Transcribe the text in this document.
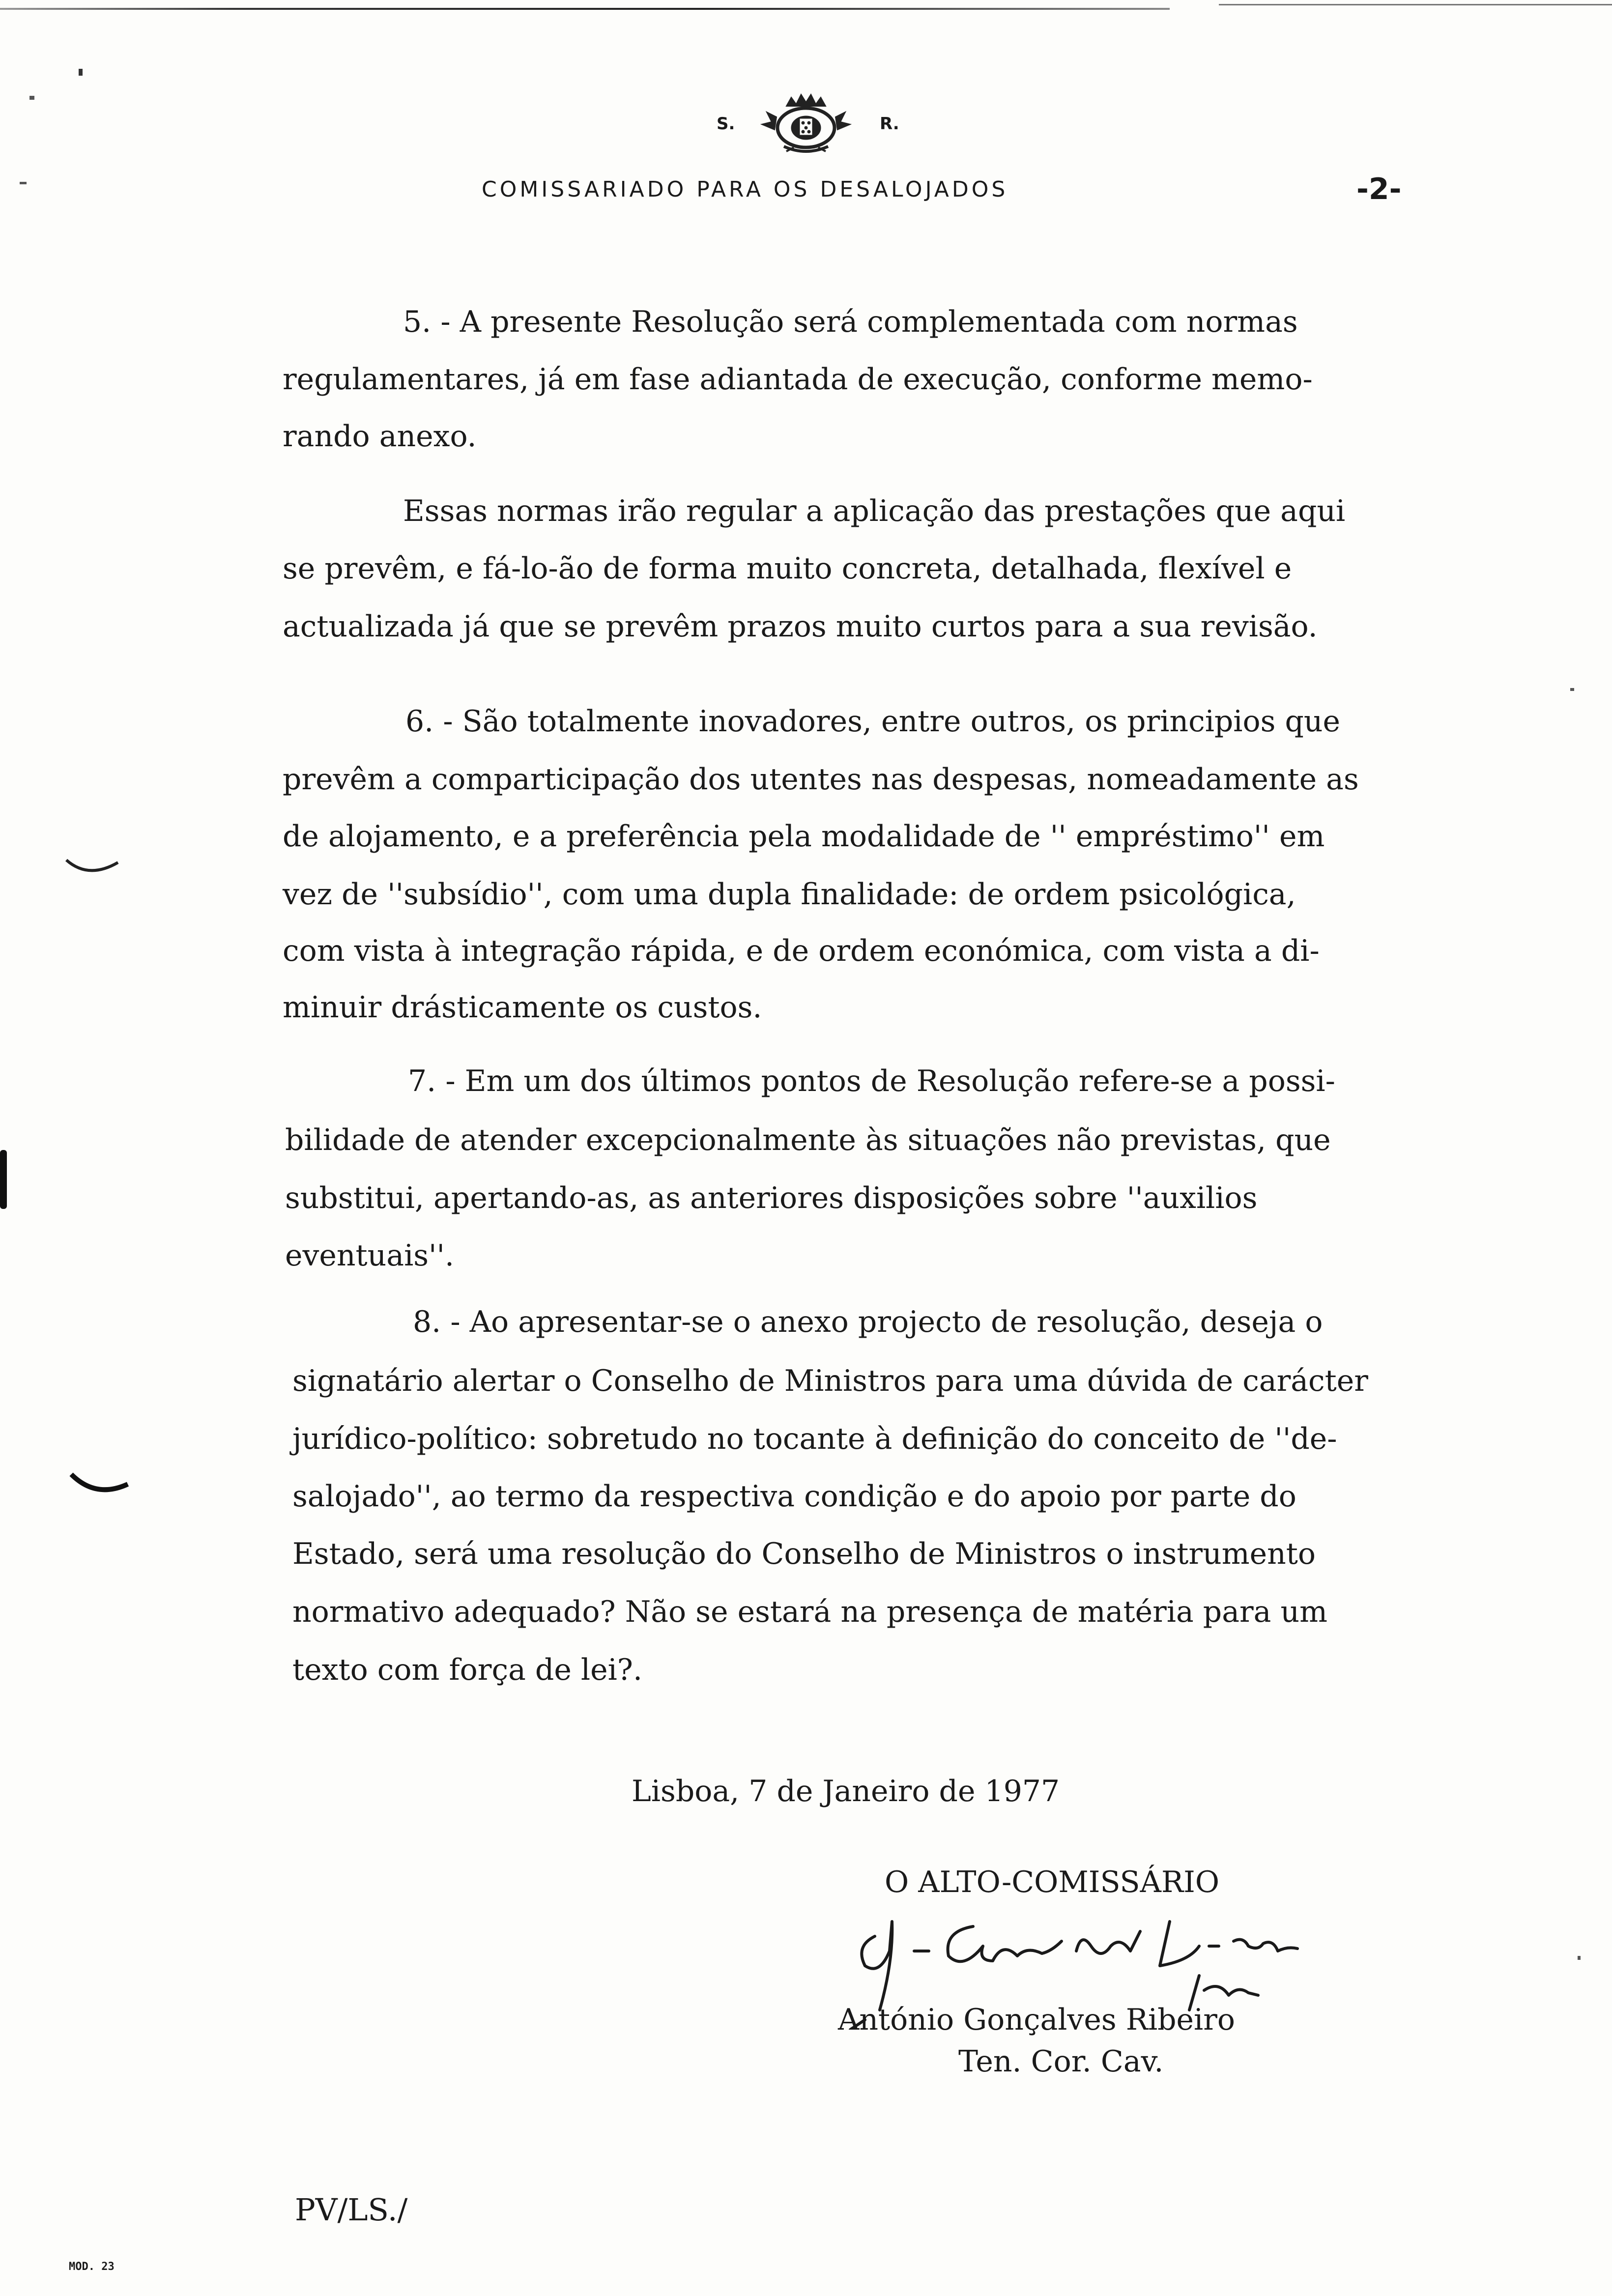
S.	R.
COMISSARIADO PARA OS DESALOJADOS	-2-
5. - A presente Resolução será complementada com normas
regulamentares, já em fase adiantada de execução, conforme memo-
rando anexo.
Essas normas irão regular a aplicação das prestações que aqui
se prevêm, e fá-lo-ão de forma muito concreta, detalhada, flexível e
actualizada já que se prevêm prazos muito curtos para a sua revisão.
6. - São totalmente inovadores, entre outros, os principios que
prevêm a comparticipação dos utentes nas despesas, nomeadamente as
de alojamento, e a preferência pela modalidade de '' empréstimo'' em
vez de ''subsídio'', com uma dupla finalidade: de ordem psicológica,
com vista à integração rápida, e de ordem económica, com vista a di-
minuir drásticamente os custos.
7. - Em um dos últimos pontos de Resolução refere-se a possi-
bilidade de atender excepcionalmente às situações não previstas, que
substitui, apertando-as, as anteriores disposições sobre ''auxilios
eventuais''.
8. - Ao apresentar-se o anexo projecto de resolução, deseja o
signatário alertar o Conselho de Ministros para uma dúvida de carácter
jurídico-político: sobretudo no tocante à definição do conceito de ''de-
salojado'', ao termo da respectiva condição e do apoio por parte do
Estado, será uma resolução do Conselho de Ministros o instrumento
normativo adequado? Não se estará na presença de matéria para um
texto com força de lei?.
Lisboa, 7 de Janeiro de 1977
O ALTO-COMISSÁRIO
António Gonçalves Ribeiro
Ten. Cor. Cav.
PV/LS./
MOD. 23
